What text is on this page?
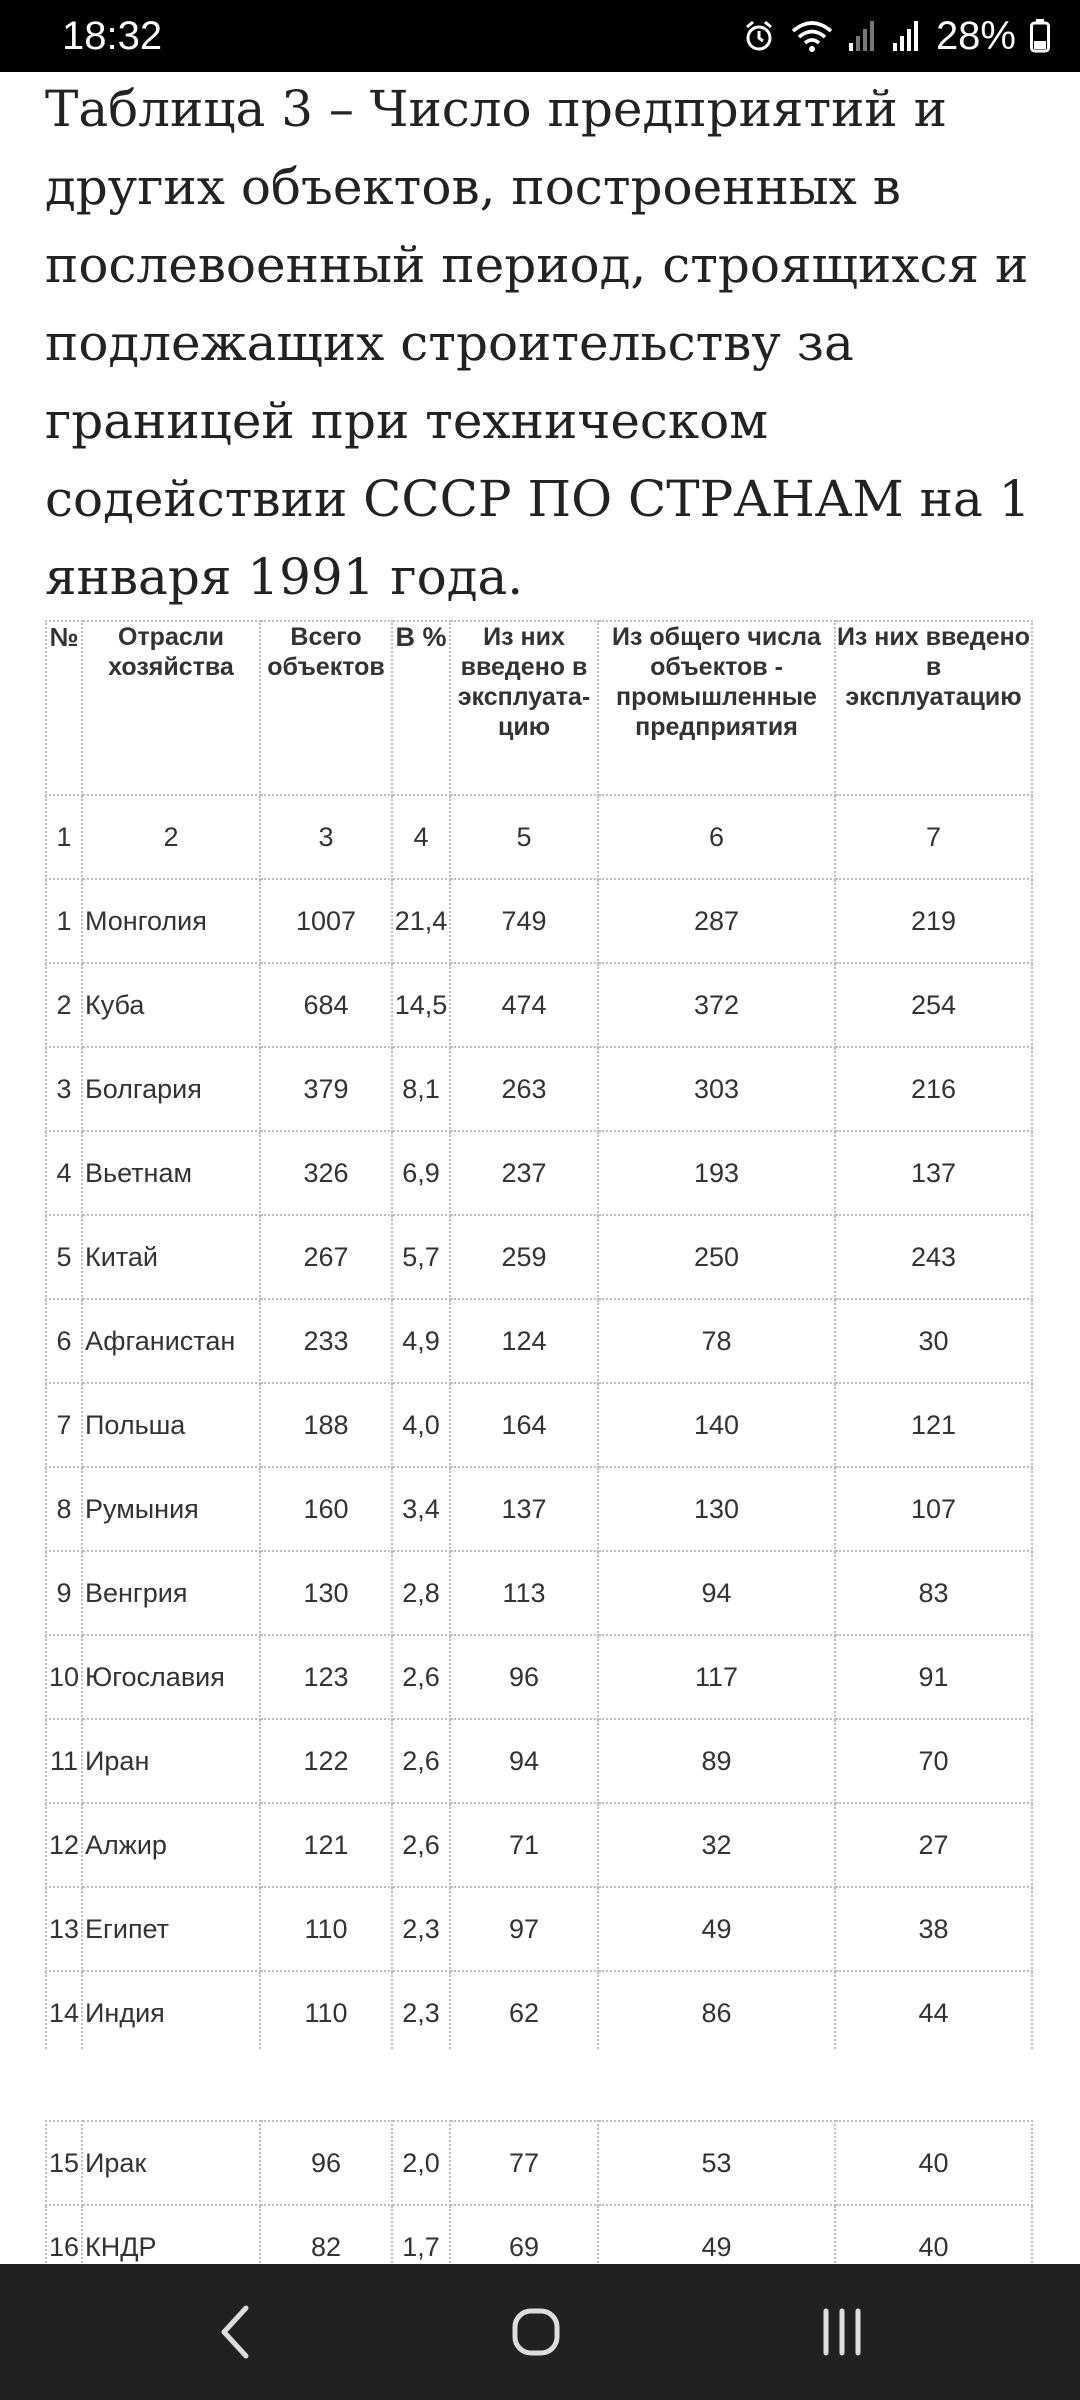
18:32	28%
Таблица 3 – Число предприятий и других объектов, построенных в послевоенный период, строящихся и подлежащих строительству за границей при техническом содействии СССР ПО СТРАНАМ на 1 января 1991 года.
№	Отрасли хозяйства	Всего объектов	В %	Из них введено в эксплуата-цию	Из общего числа объектов - промышленные предприятия	Из них введено в эксплуатацию
1	2	3	4	5	6	7
1	Монголия	1007	21,4	749	287	219
2	Куба	684	14,5	474	372	254
3	Болгария	379	8,1	263	303	216
4	Вьетнам	326	6,9	237	193	137
5	Китай	267	5,7	259	250	243
6	Афганистан	233	4,9	124	78	30
7	Польша	188	4,0	164	140	121
8	Румыния	160	3,4	137	130	107
9	Венгрия	130	2,8	113	94	83
10	Югославия	123	2,6	96	117	91
11	Иран	122	2,6	94	89	70
12	Алжир	121	2,6	71	32	27
13	Египет	110	2,3	97	49	38
14	Индия	110	2,3	62	86	44
15	Ирак	96	2,0	77	53	40
16	КНДР	82	1,7	69	49	40
